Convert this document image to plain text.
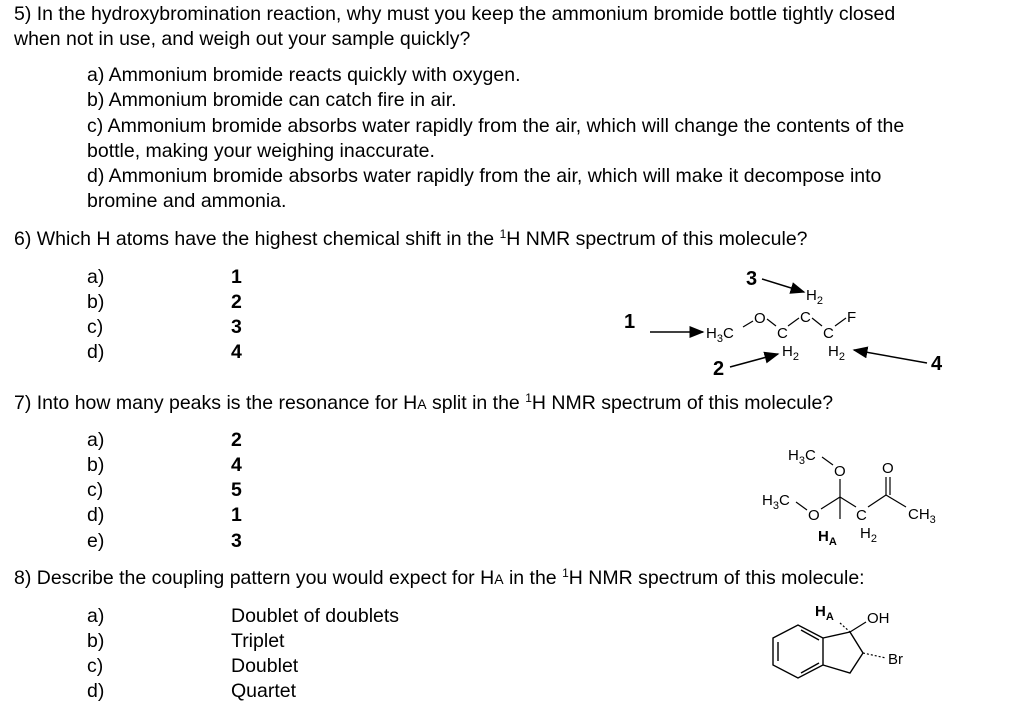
5) In the hydroxybromination reaction, why must you keep the ammonium bromide bottle tightly closed
when not in use, and weigh out your sample quickly?
a) Ammonium bromide reacts quickly with oxygen.
b) Ammonium bromide can catch fire in air.
c) Ammonium bromide absorbs water rapidly from the air, which will change the contents of the
bottle, making your weighing inaccurate.
d) Ammonium bromide absorbs water rapidly from the air, which will make it decompose into
bromine and ammonia.
6) Which H atoms have the highest chemical shift in the $^1$H NMR spectrum of this molecule?
a)
b)
c)
d)
1
2
3
4
3
1
$H_3C$
O
C
$H_2$
C
$H_2$
C
$H_2$
F
2	4
7) Into how many peaks is the resonance for HA split in the $^1$H NMR spectrum of this molecule?
a)
b)
c)
d)
e)
2
4
5
1
3
$H_3C$
O
$H_3C$
O
$H_A$
C
$H_2$
O
$CH_3$
8) Describe the coupling pattern you would expect for HA in the $^1$H NMR spectrum of this molecule:
a)
b)
c)
d)
Doublet of doublets
Triplet
Doublet
Quartet
$H_A$ OH
Br
